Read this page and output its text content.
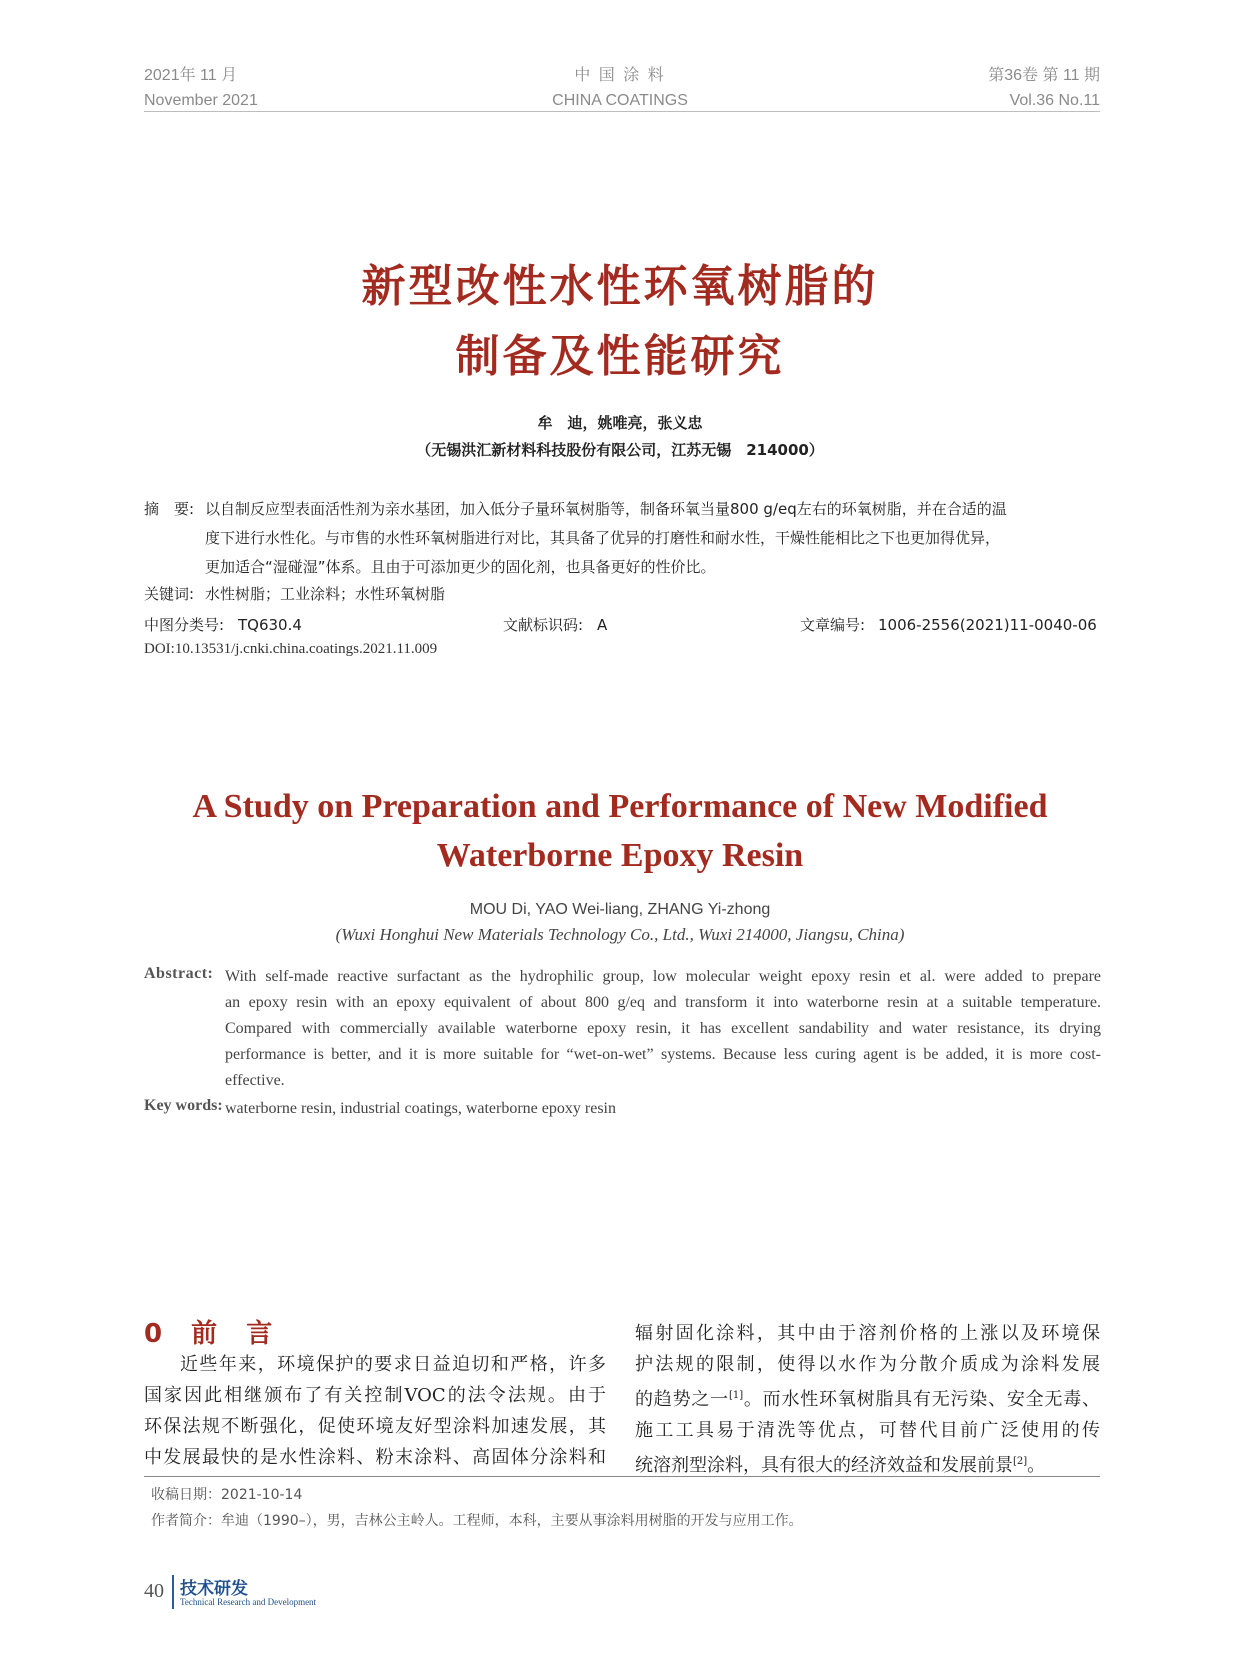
2021年 11 月
November 2021
中 国 涂 料
CHINA COATINGS
第36卷 第 11 期
Vol.36 No.11
新型改性水性环氧树脂的
制备及性能研究
牟　迪，姚唯亮，张义忠
（无锡洪汇新材料科技股份有限公司，江苏无锡　214000）
摘　要: 以自制反应型表面活性剂为亲水基团，加入低分子量环氧树脂等，制备环氧当量800 g/eq左右的环氧树脂，并在合适的温
度下进行水性化。与市售的水性环氧树脂进行对比，其具备了优异的打磨性和耐水性，干燥性能相比之下也更加得优异，
更加适合“湿碰湿”体系。且由于可添加更少的固化剂，也具备更好的性价比。
关键词: 水性树脂；工业涂料；水性环氧树脂
中图分类号: TQ630.4	文献标识码: A	文章编号: 1006-2556(2021)11-0040-06
DOI:10.13531/j.cnki.china.coatings.2021.11.009
A Study on Preparation and Performance of New Modified
Waterborne Epoxy Resin
MOU Di, YAO Wei-liang, ZHANG Yi-zhong
(Wuxi Honghui New Materials Technology Co., Ltd., Wuxi 214000, Jiangsu, China)
Abstract: With self-made reactive surfactant as the hydrophilic group, low molecular weight epoxy resin et al. were added to prepare
an epoxy resin with an epoxy equivalent of about 800 g/eq and transform it into waterborne resin at a suitable temperature.
Compared with commercially available waterborne epoxy resin, it has excellent sandability and water resistance, its drying
performance is better, and it is more suitable for “wet-on-wet” systems. Because less curing agent is be added, it is more cost-
effective.
Key words: waterborne resin, industrial coatings, waterborne epoxy resin
0 前 言
近些年来，环境保护的要求日益迫切和严格，许多
国家因此相继颁布了有关控制VOC的法令法规。由于
环保法规不断强化，促使环境友好型涂料加速发展，其
中发展最快的是水性涂料、粉末涂料、高固体分涂料和
辐射固化涂料，其中由于溶剂价格的上涨以及环境保
护法规的限制，使得以水作为分散介质成为涂料发展
的趋势之一[1]。而水性环氧树脂具有无污染、安全无毒、
施工工具易于清洗等优点，可替代目前广泛使用的传
统溶剂型涂料，具有很大的经济效益和发展前景[2]。
收稿日期：2021-10-14
作者简介：牟迪（1990–），男，吉林公主岭人。工程师，本科，主要从事涂料用树脂的开发与应用工作。
40 技术研发
Technical Research and Development
